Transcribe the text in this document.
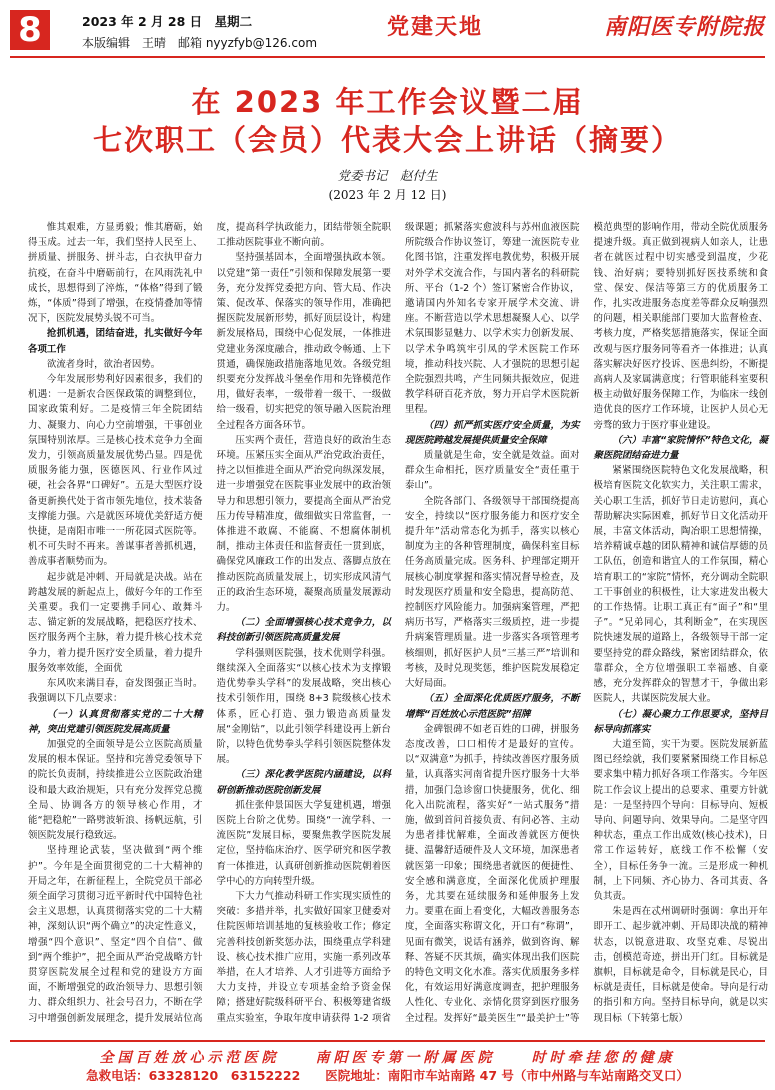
8	2023 年 2 月 28 日　星期二
本版编辑　王晴　邮箱 nyyzfyb@126.com
党建天地	南阳医专附院报
在 2023 年工作会议暨二届
七次职工（会员）代表大会上讲话（摘要）
党委书记　赵付生
(2023 年 2 月 12 日)

惟其艰难，方显勇毅；惟其磨砺，始得玉成。过去一年，我们坚持人民至上、拼质量、拼服务、拼斗志，白衣执甲奋力抗疫，在奋斗中磨砺前行，在风雨洗礼中成长，思想得到了淬炼，“体格”得到了锻炼，“体质”得到了增强，在疫情叠加等情况下，医院发展势头锐不可当。

抢抓机遇，团结奋进，扎实做好今年各项工作

欲流者身时，欲治者因势。

今年发展形势利好因素很多，我们的机遇：一是新农合医保政策的调整到位，国家政策利好。二是疫情三年全院团结力、凝聚力、向心力空前增强，干事创业氛围特别浓厚。三是核心技术竞争力全面发力，引领高质量发展优势凸显。四是优质服务能力强，医德医风、行业作风过硬，社会各界“口碑好”。五是大型医疗设备更新换代处于省市领先地位，技术装备支撑能力强。六是就医环境优美舒适方便快捷，是南阳市唯一一所花园式医院等。机不可失时不再来。善谋事者善抓机遇，善成事者顺势而为。

起步就是冲刺、开局就是决战。站在跨越发展的新起点上，做好今年的工作至关重要。我们一定要携手同心、敢舞斗志、锚定新的发展战略，把稳医疗技术、医疗服务两个主脉，着力提升核心技术竞争力，着力提升医疗安全质量，着力提升服务效率效能，全面优

东风吹来满目春，奋发图强正当时。我强调以下几点要求：

（一）认真贯彻落实党的二十大精神，突出党建引领医院发展高质量

加强党的全面领导是公立医院高质量发展的根本保证。坚持和完善党委领导下的院长负责制，持续推进公立医院政治建设和最大政治规矩，只有充分发挥党总揽全局、协调各方的领导核心作用，才能“把稳舵”一路劈波斩浪、扬帆远航，引领医院发展行稳致远。

坚持理论武装，坚决做到“两个维护”。今年是全面贯彻党的二十大精神的开局之年，在新征程上，全院党员干部必须全面学习贯彻习近平新时代中国特色社会主义思想，认真贯彻落实党的二十大精神，深刻认识“两个确立”的决定性意义，增强“四个意识”、坚定“四个自信”、做到“两个维护”，把全面从严治党战略方针贯穿医院发展全过程和党的建设方方面面，不断增强党的政治领导力、思想引领力、群众组织力、社会号召力，不断在学习中增强创新发展理念，提升发展站位高度，提高科学执政能力，团结带领全院职工推动医院事业不断向前。

坚持强基固本，全面增强执政本领。以党建“第一责任”引领和保障发展第一要务，充分发挥党委把方向、管大局、作决策、促改革、保落实的领导作用，准确把握医院发展新形势，抓好顶层设计，构建新发展格局，围绕中心促发展，一体推进党建业务深度融合，推动政令畅通、上下贯通，确保施政措施落地见效。各级党组织要充分发挥战斗堡垒作用和先锋模范作用，做好表率，一级带着一级干、一级做给一级看，切实把党的领导融入医院治理全过程各方面各环节。

压实两个责任，营造良好的政治生态环境。压紧压实全面从严治党政治责任，持之以恒推进全面从严治党向纵深发展，进一步增强党在医院事业发展中的政治领导力和思想引领力，要提高全面从严治党压力传导精准度，做细做实日常监督，一体推进不敢腐、不能腐、不想腐体制机制，推动主体责任和监督责任一贯到底，确保党风廉政工作的出发点、落脚点放在推动医院高质量发展上，切实形成风清气正的政治生态环境，凝聚高质量发展源动力。

（二）全面增强核心技术竞争力，以科技创新引领医院高质量发展

学科强则医院强，技术优则学科强。继续深入全面落实“以核心技术为支撑锻造优势拳头学科”的发展战略，突出核心技术引领作用，围绕 8+3 院级核心技术体系，匠心打造、强力锻造高质量发展“金刚钻”，以此引领学科建设再上新台阶，以特色优势拳头学科引领医院整体发展。

（三）深化教学医院内涵建设，以科研创新推动医院创新发展

抓住张仲景国医大学复建机遇，增强医院上台阶之优势。围绕“一流学科、一流医院”发展目标，要聚焦教学医院发展定位，坚持临床治疗、医学研究和医学教育一体推进，认真研创新推动医院朝着医学中心的方向转型升级。

下大力气推动科研工作实现实质性的突破：多措并举，扎实做好国家卫健委对住院医师培训基地的复核验收工作；修定完善科技创新奖惩办法，围绕重点学科建设、核心技术推广应用，实施一系列改革举措，在人才培养、人才引进等方面给予大力支持，并设立专项基金给予资金保障；搭建好院级科研平台、积极筹建省级重点实验室，争取年度申请获得 1-2 项省级课题；抓紧落实愈波科与苏州血液医院所院级合作协议签订，筹建一流医院专业化图书馆，注重发挥电教优势，积极开展对外学术交流合作，与国内著名的科研院所、平台（1-2 个）签订紧密合作协议，邀请国内外知名专家开展学术交流、讲座。不断营造以学术思想凝聚人心、以学术氛围影显魅力、以学术实力创新发展、以学术争鸣筑牢引凤的学术医院工作环境，推动科技兴院、人才强院的思想引起全院强烈共鸣，产生同频共振效应，促进教学科研百花齐放，努力开启学术医院新里程。

（四）抓严抓实医疗安全质量，为实现医院跨越发展提供质量安全保障

质量就是生命，安全就是效益。面对群众生命相托，医疗质量安全“责任重于泰山”。

全院各部门、各级领导干部围绕提高安全，持续以“医疗服务能力和医疗安全提升年”活动常态化为抓手，落实以核心制度为主的各种管理制度，确保科室目标任务高质量完成。医务科、护理部定期开展核心制度掌握和落实情况督导检查，及时发现医疗质量和安全隐患，提高防范、控制医疗风险能力。加强病案管理，严把病历书写，严格落实三级质控，进一步提升病案管理质量。进一步落实各项管理考核细则，抓好医护人员“三基三严”培训和考核，及时兑现奖惩，维护医院发展稳定大好局面。

（五）全面深化优质医疗服务，不断增辉“百姓放心示范医院”招牌

金碑银碑不如老百姓的口碑，拼服务态度改善，口口相传才是最好的宣传。以“双满意”为抓手，持续改善医疗服务质量，认真落实河南省提升医疗服务十大举措，加强门急诊窗口快捷服务，优化、细化入出院流程，落实好“一站式服务”措施，做到首问首接负责、有问必答、主动为患者排忧解难，全面改善就医方便快捷、温馨舒适硬件及人文环境，加深患者就医第一印象；围绕患者就医的便捷性、安全感和满意度，全面深化优质护理服务，尤其要在延续服务和延伸服务上发力。要重在面上看变化，大幅改善服务态度，全面落实称谓文化，开口有“称谓”，见面有微笑，说话有涵养，做到咨询、解释、答疑不厌其烦，确实体现出我们医院的特色文明文化水准。落实优质服务多样化，有效运用好满意度调查，把护理服务人性化、专业化、亲情化贯穿到医疗服务全过程。发挥好“最美医生”“最美护士”等模范典型的影响作用，带动全院优质服务提速升级。真正做到视病人如亲人，让患者在就医过程中切实感受到温度，少花钱、治好病；要特别抓好医技系统和食堂、保安、保洁等第三方的优质服务工作，扎实改进服务态度差等群众反响强烈的问题，相关职能部门要加大监督检查、考核力度，严格奖惩措施落实，保证全面改观与医疗服务同等看齐一体推进；认真落实解决好医疗投诉、医患纠纷，不断提高病人及家属满意度；行管职能科室要积极主动做好服务保障工作，为临床一线创造优良的医疗工作环境，让医护人员心无旁骛的致力于医疗事业建设。

（六）丰富“家院情怀”特色文化，凝聚医院团结奋进力量

紧紧围绕医院特色文化发展战略，积极培育医院文化软实力，关注职工需求，关心职工生活，抓好节日走访慰问，真心帮助解决实际困难，抓好节日文化活动开展，丰富文体活动，陶冶职工思想情操，培养精诚卓越的团队精神和诚信厚德的员工队伍，创造和谐宜人的工作氛围，精心培育职工的“家院”情怀，充分调动全院职工干事创业的积极性，让大家进发出极大的工作热情。让职工真正有“面子”和“里子”。“兄弟同心，其利断金”，在实现医院快速发展的道路上，各级领导干部一定要坚持党的群众路线，紧密团结群众，依靠群众，全方位增强职工幸福感、自豪感，充分发挥群众的智慧才干，争做出彩医院人，共谋医院发展大业。

（七）凝心聚力工作思要求，坚持目标导向抓落实

大道至简，实干为要。医院发展新蓝图已经绘就，我们要紧紧围绕工作目标总要求集中精力抓好各项工作落实。今年医院工作会议上提出的总要求、重要方针就是：一是坚持四个导向：目标导向、短板导向、问题导向、效果导向。二是坚守四种状态，重点工作出成效(核心技术)，日常工作运转好，底线工作不松懈（安全），目标任务争一流。三是形成一种机制，上下同频、齐心协力、各司其责、各负其责。

朱是西在忒州调研时强调：拿出开年即开工、起步就冲刺、开局即决战的精神状态，以锐意进取、攻坚克难、尽锐出击，创模范奇迹，拼出开门红。目标就是旗帜，目标就是命令，目标就是民心，目标就是责任，目标就是使命。导向是行动的指引和方向。坚持目标导向，就是以实现目标（下转第七版）

全国百姓放心示范医院　　南阳医专第一附属医院　　时时牵挂您的健康
急救电话：63328120　63152222　　医院地址：南阳市车站南路 47 号（市中州路与车站南路交叉口）
